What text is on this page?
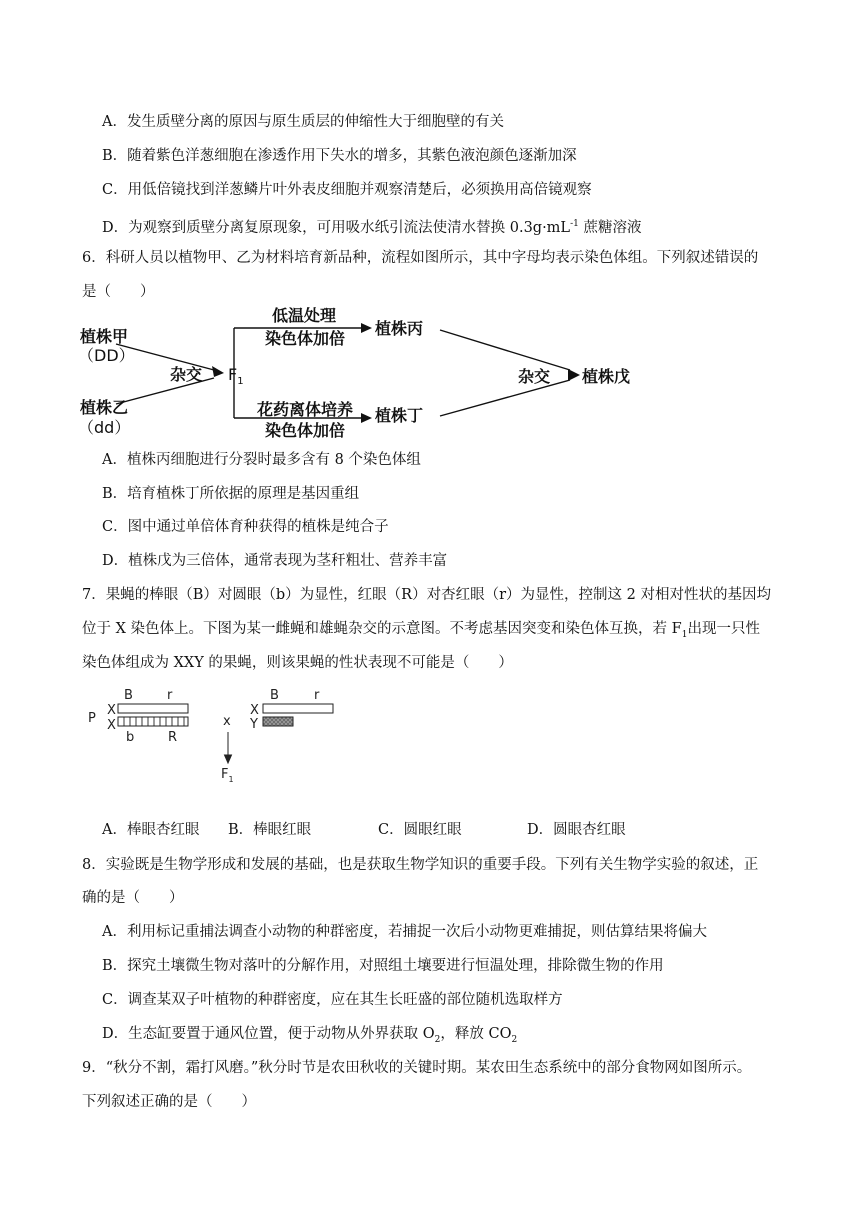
A．发生质壁分离的原因与原生质层的伸缩性大于细胞壁的有关
B．随着紫色洋葱细胞在渗透作用下失水的增多，其紫色液泡颜色逐渐加深
C．用低倍镜找到洋葱鳞片叶外表皮细胞并观察清楚后，必须换用高倍镜观察
D．为观察到质壁分离复原现象，可用吸水纸引流法使清水替换 $0.3g\cdot mL^{-1}$ 蔗糖溶液
6．科研人员以植物甲、乙为材料培育新品种，流程如图所示，其中字母均表示染色体组。下列叙述错误的
是（　　）
植株甲
（DD）
植株乙
（dd）
杂交 $F_1$
低温处理
染色体加倍
植株丙
花药离体培养
染色体加倍
植株丁
杂交 植株戊
A．植株丙细胞进行分裂时最多含有 8 个染色体组
B．培育植株丁所依据的原理是基因重组
C．图中通过单倍体育种获得的植株是纯合子
D．植株戊为三倍体，通常表现为茎秆粗壮、营养丰富
7．果蝇的棒眼（B）对圆眼（b）为显性，红眼（R）对杏红眼（r）为显性，控制这 2 对相对性状的基因均
位于 X 染色体上。下图为某一雌蝇和雄蝇杂交的示意图。不考虑基因突变和染色体互换，若 $F_1$出现一只性
染色体组成为 XXY 的果蝇，则该果蝇的性状表现不可能是（　　）
P
X
X
B	r
b	R
X
Y
B	r
x
$F_1$
A．棒眼杏红眼 B．棒眼红眼	C．圆眼红眼	D．圆眼杏红眼
8．实验既是生物学形成和发展的基础，也是获取生物学知识的重要手段。下列有关生物学实验的叙述，正
确的是（　　）
A．利用标记重捕法调查小动物的种群密度，若捕捉一次后小动物更难捕捉，则估算结果将偏大
B．探究土壤微生物对落叶的分解作用，对照组土壤要进行恒温处理，排除微生物的作用
C．调查某双子叶植物的种群密度，应在其生长旺盛的部位随机选取样方
D．生态缸要置于通风位置，便于动物从外界获取 $O_2$，释放 $CO_2$
9．“秋分不割，霜打风磨。”秋分时节是农田秋收的关键时期。某农田生态系统中的部分食物网如图所示。
下列叙述正确的是（　　）
